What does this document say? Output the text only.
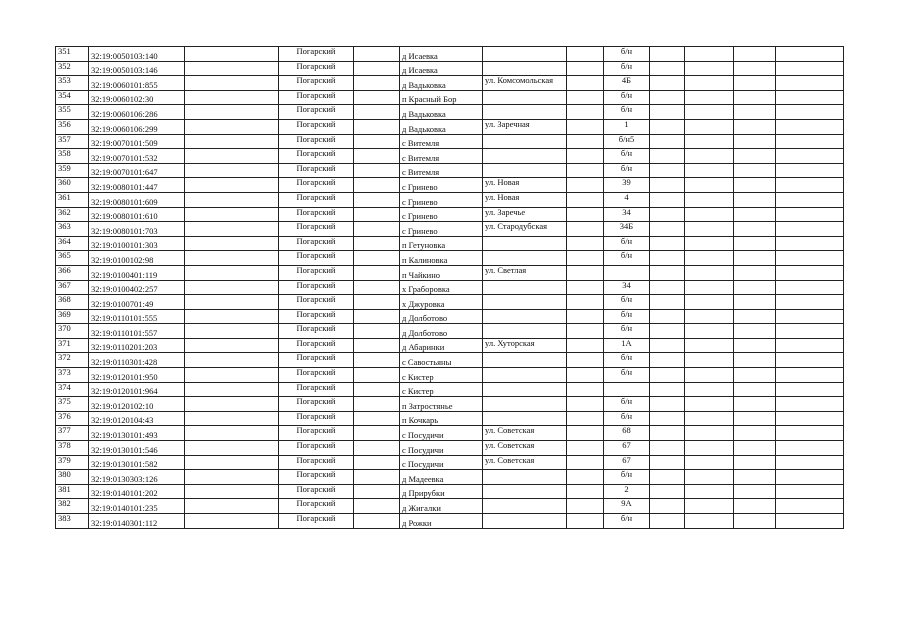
351	32:19:0050103:140		Погарский		д Исаевка			б/н				
352	32:19:0050103:146		Погарский		д Исаевка			б/н				
353	32:19:0060101:855		Погарский		д Вадьковка	ул. Комсомольская		4Б				
354	32:19:0060102:30		Погарский		п Красный Бор			б/н				
355	32:19:0060106:286		Погарский		д Вадьковка			б/н				
356	32:19:0060106:299		Погарский		д Вадьковка	ул. Заречная		1				
357	32:19:0070101:509		Погарский		с Витемля			б/н5				
358	32:19:0070101:532		Погарский		с Витемля			б/н				
359	32:19:0070101:647		Погарский		с Витемля			б/н				
360	32:19:0080101:447		Погарский		с Гринево	ул. Новая		39				
361	32:19:0080101:609		Погарский		с Гринево	ул. Новая		4				
362	32:19:0080101:610		Погарский		с Гринево	ул. Заречье		34				
363	32:19:0080101:703		Погарский		с Гринево	ул. Стародубская		34Б				
364	32:19:0100101:303		Погарский		п Гетуновка			б/н				
365	32:19:0100102:98		Погарский		п Калиновка			б/н				
366	32:19:0100401:119		Погарский		п Чайкино	ул. Светлая						
367	32:19:0100402:257		Погарский		х Граборовка			34				
368	32:19:0100701:49		Погарский		х Джуровка			б/н				
369	32:19:0110101:555		Погарский		д Долботово			б/н				
370	32:19:0110101:557		Погарский		д Долботово			б/н				
371	32:19:0110201:203		Погарский		д Абаринки	ул. Хуторская		1А				
372	32:19:0110301:428		Погарский		с Савостьяны			б/н				
373	32:19:0120101:950		Погарский		с Кистер			б/н				
374	32:19:0120101:964		Погарский		с Кистер							
375	32:19:0120102:10		Погарский		п Затростянье			б/н				
376	32:19:0120104:43		Погарский		п Кочкарь			б/н				
377	32:19:0130101:493		Погарский		с Посудичи	ул. Советская		68				
378	32:19:0130101:546		Погарский		с Посудичи	ул. Советская		67				
379	32:19:0130101:582		Погарский		с Посудичи	ул. Советская		67				
380	32:19:0130303:126		Погарский		д Мадеевка			б/н				
381	32:19:0140101:202		Погарский		д Прирубки			2				
382	32:19:0140101:235		Погарский		д Жигалки			9А				
383	32:19:0140301:112		Погарский		д Рожки			б/н				
